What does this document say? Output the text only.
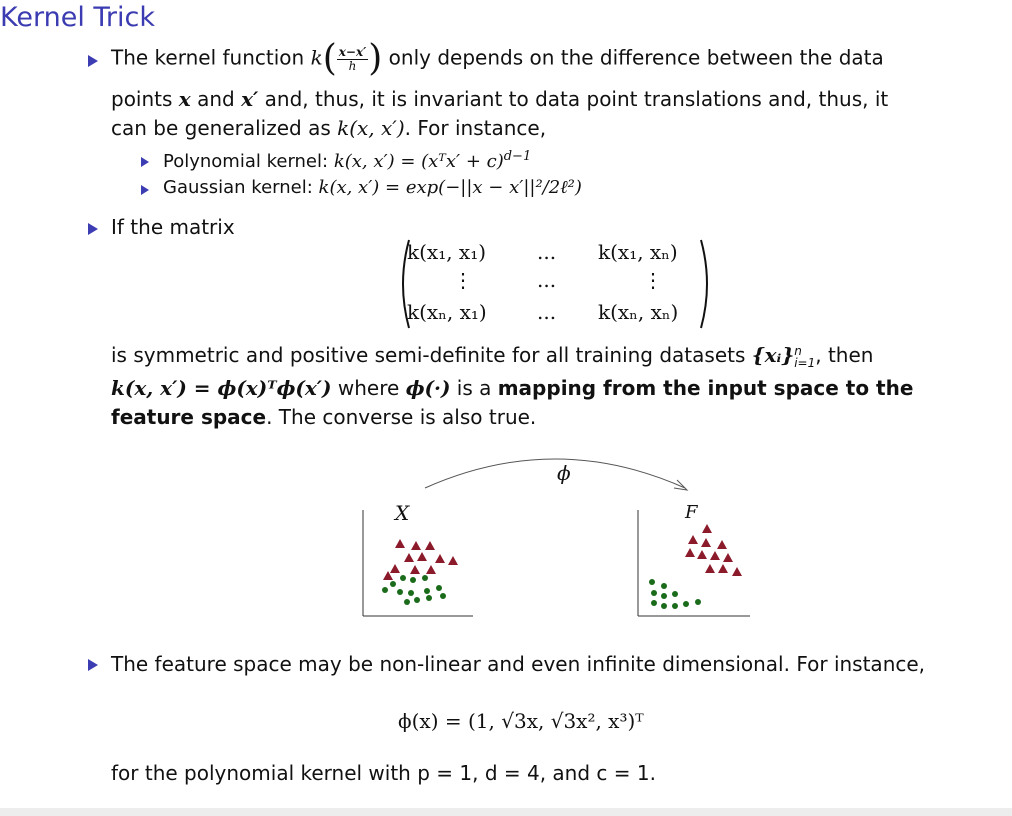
Kernel Trick
The kernel function $k( \frac{x-x'}{h}$ ) only depends on the difference between the data
points x and x′ and, thus, it is invariant to data point translations and, thus, it
can be generalized as k(x, x′). For instance,
Polynomial kernel: k(x, x′) = (xᵀx′ + c)$^{d-1}$
Gaussian kernel: k(x, x′) = exp(−||x − x′||²/2ℓ²)
If the matrix
k(x₁, x₁)	... k(x₁, xₙ)
⋮	...	⋮
k(xₙ, x₁)	... k(xₙ, xₙ)
is symmetric and positive semi-definite for all training datasets {xᵢ} n
i=1 , then
k(x, x′) = ϕ(x)ᵀϕ(x′) where ϕ(·) is a mapping from the input space to the
feature space. The converse is also true.
ϕ
X	F
The feature space may be non-linear and even infinite dimensional. For instance,
ϕ(x) = (1, √3x, √3x², x³)ᵀ
for the polynomial kernel with p = 1, d = 4, and c = 1.
